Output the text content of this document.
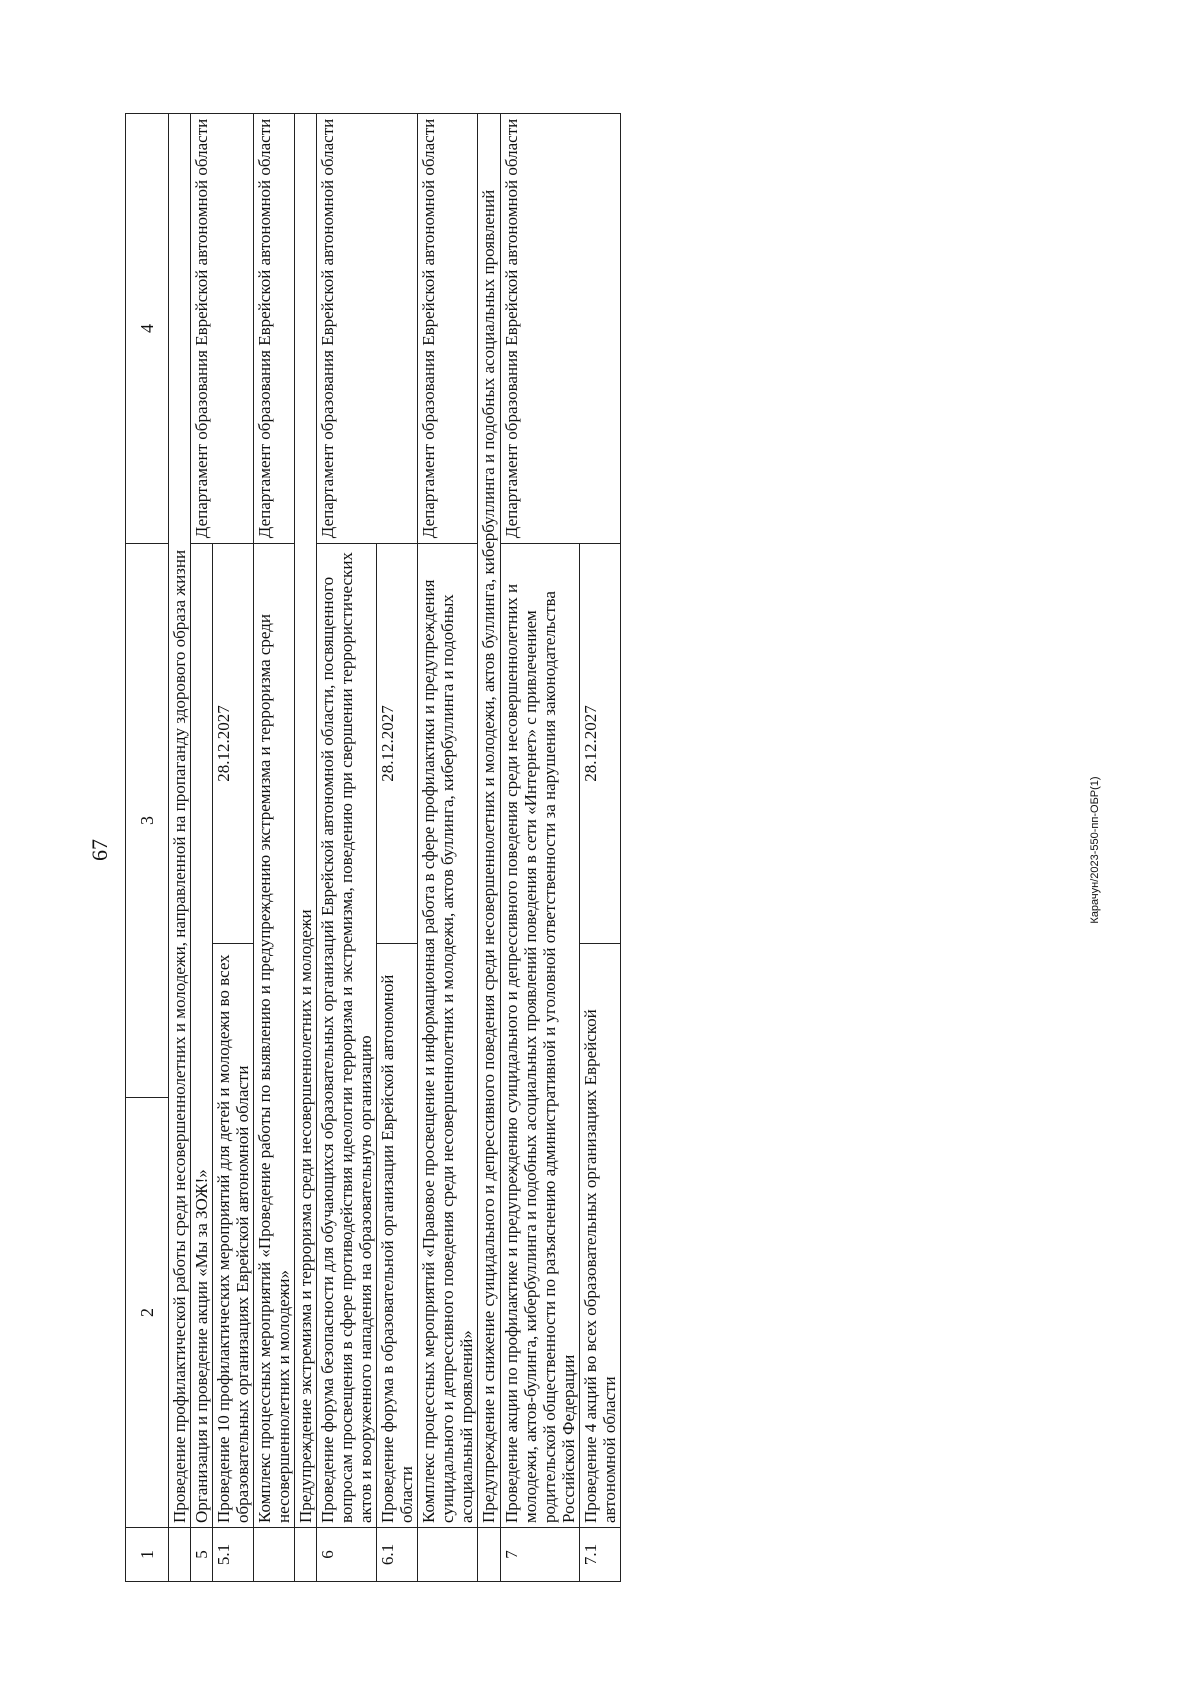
67	Карачун/2023-550-пп-ОБР(1)
1	2	3		4
	Проведение профилактической работы среди несовершеннолетних и молодежи, направленной на пропаганду здорового образа жизни			
5	Организация и проведение акции «Мы за ЗОЖ!»			Департамент образования Еврейской автономной области
5.1	Проведение 10 профилактических мероприятий для детей и молодежи во всех образовательных организациях Еврейской автономной области		28.12.2027	
	Комплекс процессных мероприятий «Проведение работы по выявлению и предупреждению экстремизма и терроризма среди несовершеннолетних и молодежи»			Департамент образования Еврейской автономной области
	Предупреждение экстремизма и терроризма среди несовершеннолетних и молодежи			
6	Проведение форума безопасности для обучающихся образовательных организаций Еврейской автономной области, посвященного вопросам просвещения в сфере противодействия идеологии терроризма и экстремизма, поведению при свершении террористических актов и вооруженного нападения на образовательную организацию			Департамент образования Еврейской автономной области
6.1	Проведение форума в образовательной организации Еврейской автономной области		28.12.2027	
	Комплекс процессных мероприятий «Правовое просвещение и информационная работа в сфере профилактики и предупреждения суицидального и депрессивного поведения среди несовершеннолетних и молодежи, актов буллинга, кибербуллинга и подобных асоциальный проявлений»			Департамент образования Еврейской автономной области
	Предупреждение и снижение суицидального и депрессивного поведения среди несовершеннолетних и молодежи, актов буллинга, кибербуллинга и подобных асоциальных проявлений			
7	Проведение акции по профилактике и предупреждению суицидального и депрессивного поведения среди несовершеннолетних и молодежи, актов-булинга, кибербуллинга и подобных асоциальных проявлений поведения в сети «Интернет» с привлечением родительской общественности по разъяснению административной и уголовной ответственности за нарушения законодательства Российской Федерации			Департамент образования Еврейской автономной области
7.1	Проведение 4 акций во всех образовательных организациях Еврейской автономной области		28.12.2027	
